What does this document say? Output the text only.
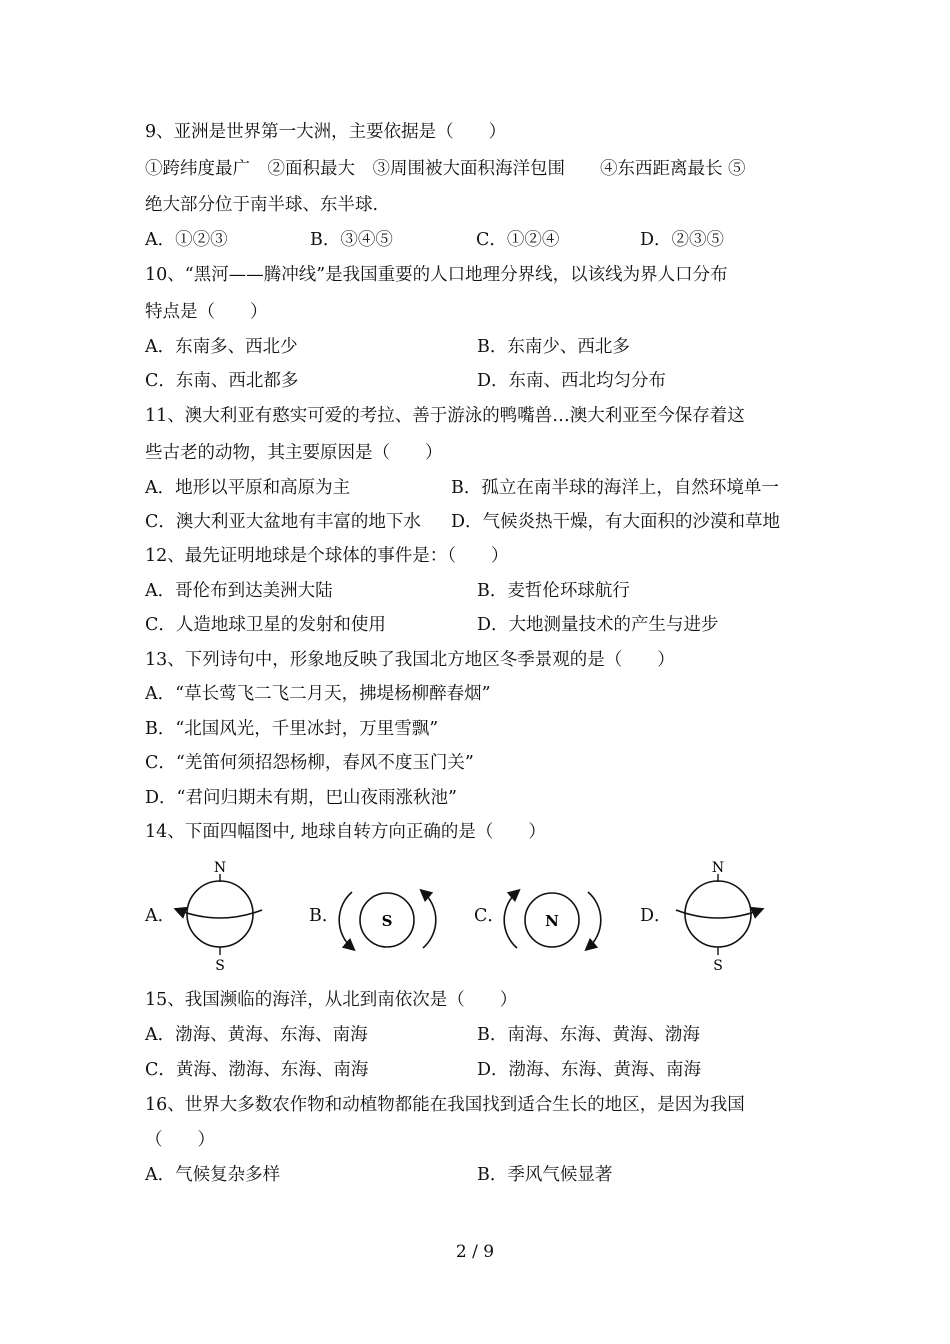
9、亚洲是世界第一大洲，主要依据是（　　）
①跨纬度最广　②面积最大　③周围被大面积海洋包围　　④东西距离最长 ⑤
绝大部分位于南半球、东半球.
A．①②③	B．③④⑤	C．①②④	D．②③⑤
10、“黑河——腾冲线”是我国重要的人口地理分界线，以该线为界人口分布
特点是（　　）
A．东南多、西北少	B．东南少、西北多
C．东南、西北都多	D．东南、西北均匀分布
11、澳大利亚有憨实可爱的考拉、善于游泳的鸭嘴兽…澳大利亚至今保存着这
些古老的动物，其主要原因是（　　）
A．地形以平原和高原为主	B．孤立在南半球的海洋上，自然环境单一
C．澳大利亚大盆地有丰富的地下水 D．气候炎热干燥，有大面积的沙漠和草地
12、最先证明地球是个球体的事件是：（　　）
A．哥伦布到达美洲大陆	B．麦哲伦环球航行
C．人造地球卫星的发射和使用	D．大地测量技术的产生与进步
13、下列诗句中，形象地反映了我国北方地区冬季景观的是（　　）
A．“草长莺飞二飞二月天，拂堤杨柳醉春烟”
B．“北国风光，千里冰封，万里雪飘”
C．“羌笛何须招怨杨柳，春风不度玉门关”
D．“君问归期未有期，巴山夜雨涨秋池”
14、下面四幅图中, 地球自转方向正确的是（　　）
A．	B．	C．	D．
N
S
S	N
N
S
15、我国濒临的海洋，从北到南依次是（　　）
A．渤海、黄海、东海、南海	B．南海、东海、黄海、渤海
C．黄海、渤海、东海、南海	D．渤海、东海、黄海、南海
16、世界大多数农作物和动植物都能在我国找到适合生长的地区，是因为我国
（　　）
A．气候复杂多样	B．季风气候显著
2 / 9
